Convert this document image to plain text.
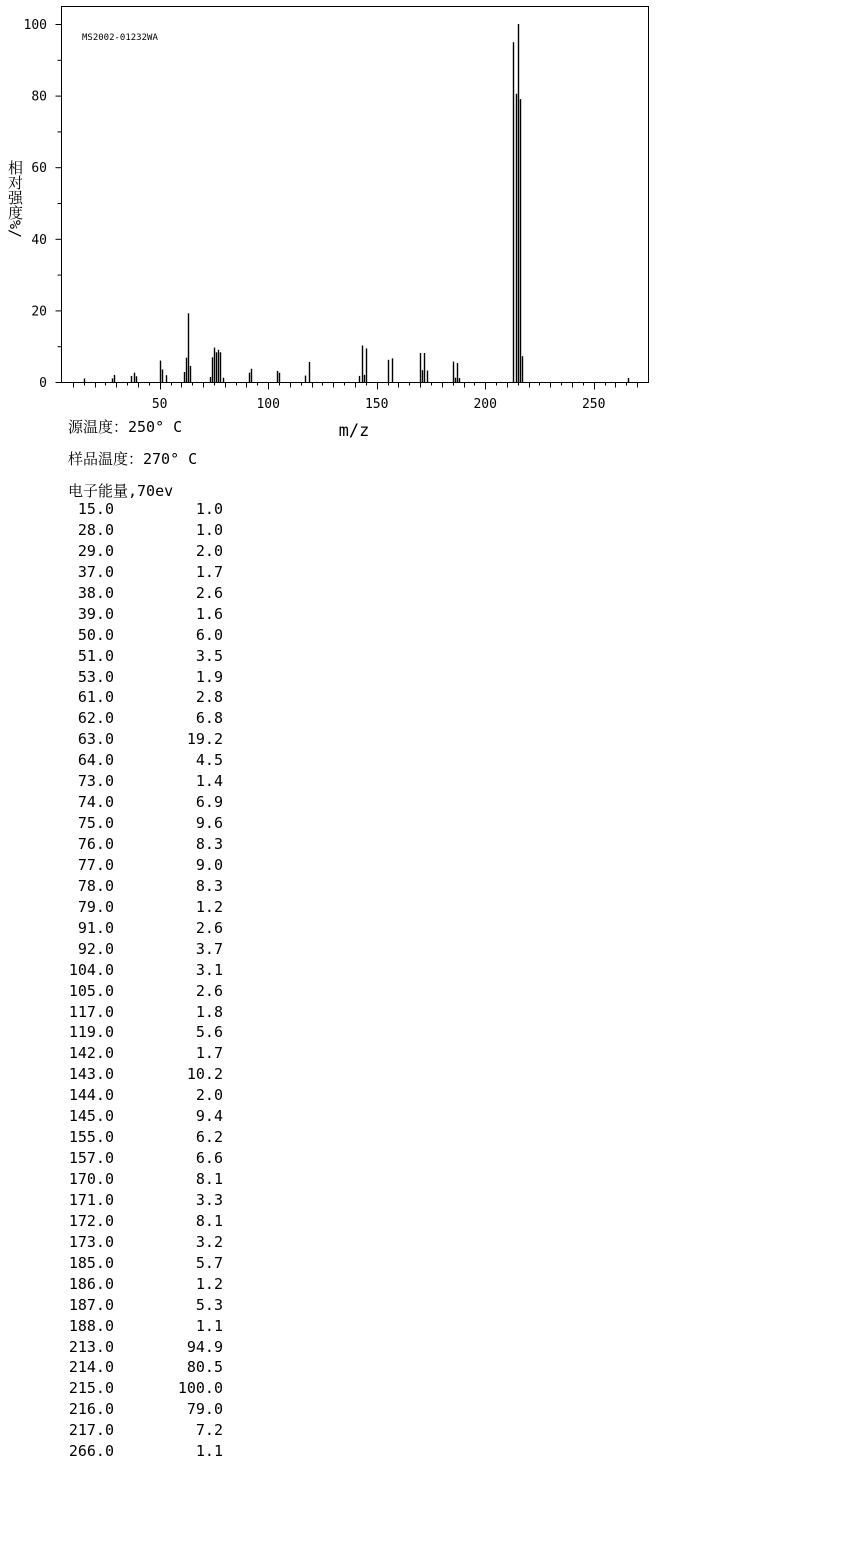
MS2002-01232WA
m/z
相对强度%/
0
20
40
60
80
100
50	100	150	200	250
源温度：250° C
样品温度：270° C
电子能量,70ev
15.0	1.0
28.0	1.0
29.0	2.0
37.0	1.7
38.0	2.6
39.0	1.6
50.0	6.0
51.0	3.5
53.0	1.9
61.0	2.8
62.0	6.8
63.0	19.2
64.0	4.5
73.0	1.4
74.0	6.9
75.0	9.6
76.0	8.3
77.0	9.0
78.0	8.3
79.0	1.2
91.0	2.6
92.0	3.7
104.0	3.1
105.0	2.6
117.0	1.8
119.0	5.6
142.0	1.7
143.0	10.2
144.0	2.0
145.0	9.4
155.0	6.2
157.0	6.6
170.0	8.1
171.0	3.3
172.0	8.1
173.0	3.2
185.0	5.7
186.0	1.2
187.0	5.3
188.0	1.1
213.0	94.9
214.0	80.5
215.0	100.0
216.0	79.0
217.0	7.2
266.0	1.1
